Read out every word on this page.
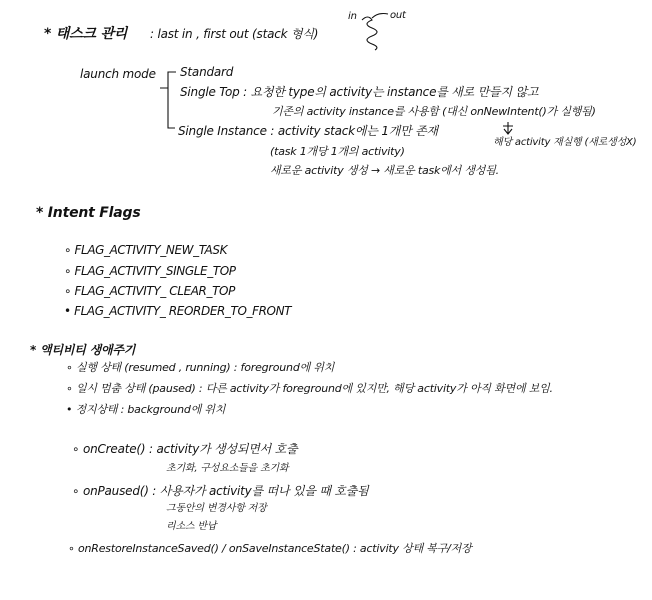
* 태스크 관리 : last in , first out (stack 형식)
in	out
launch mode Standard
Single Top : 요청한 type의 activity는 instance를 새로 만들지 않고
기존의 activity instance를 사용함 (대신 onNewIntent()가 실행됨)
Single Instance : activity stack에는 1개만 존재
해당 activity 재실행 (새로생성X)
(task 1개당 1개의 activity)
새로운 activity 생성 → 새로운 task에서 생성됨.
* Intent Flags
∘ FLAG_ACTIVITY_NEW_TASK
∘ FLAG_ACTIVITY_SINGLE_TOP
∘ FLAG_ACTIVITY_ CLEAR_TOP
• FLAG_ACTIVITY_ REORDER_TO_FRONT
* 액티비티 생애주기
∘ 실행 상태 (resumed , running) : foreground에 위치
∘ 일시 멈춤 상태 (paused) : 다른 activity가 foreground에 있지만, 해당 activity가 아직 화면에 보임.
• 정지상태 : background에 위치
∘ onCreate() : activity가 생성되면서 호출
초기화, 구성요소들을 초기화
∘ onPaused() : 사용자가 activity를 떠나 있을 때 호출됨
그동안의 변경사항 저장
리소스 반납
∘ onRestoreInstanceSaved() / onSaveInstanceState() : activity 상태 복구/저장
